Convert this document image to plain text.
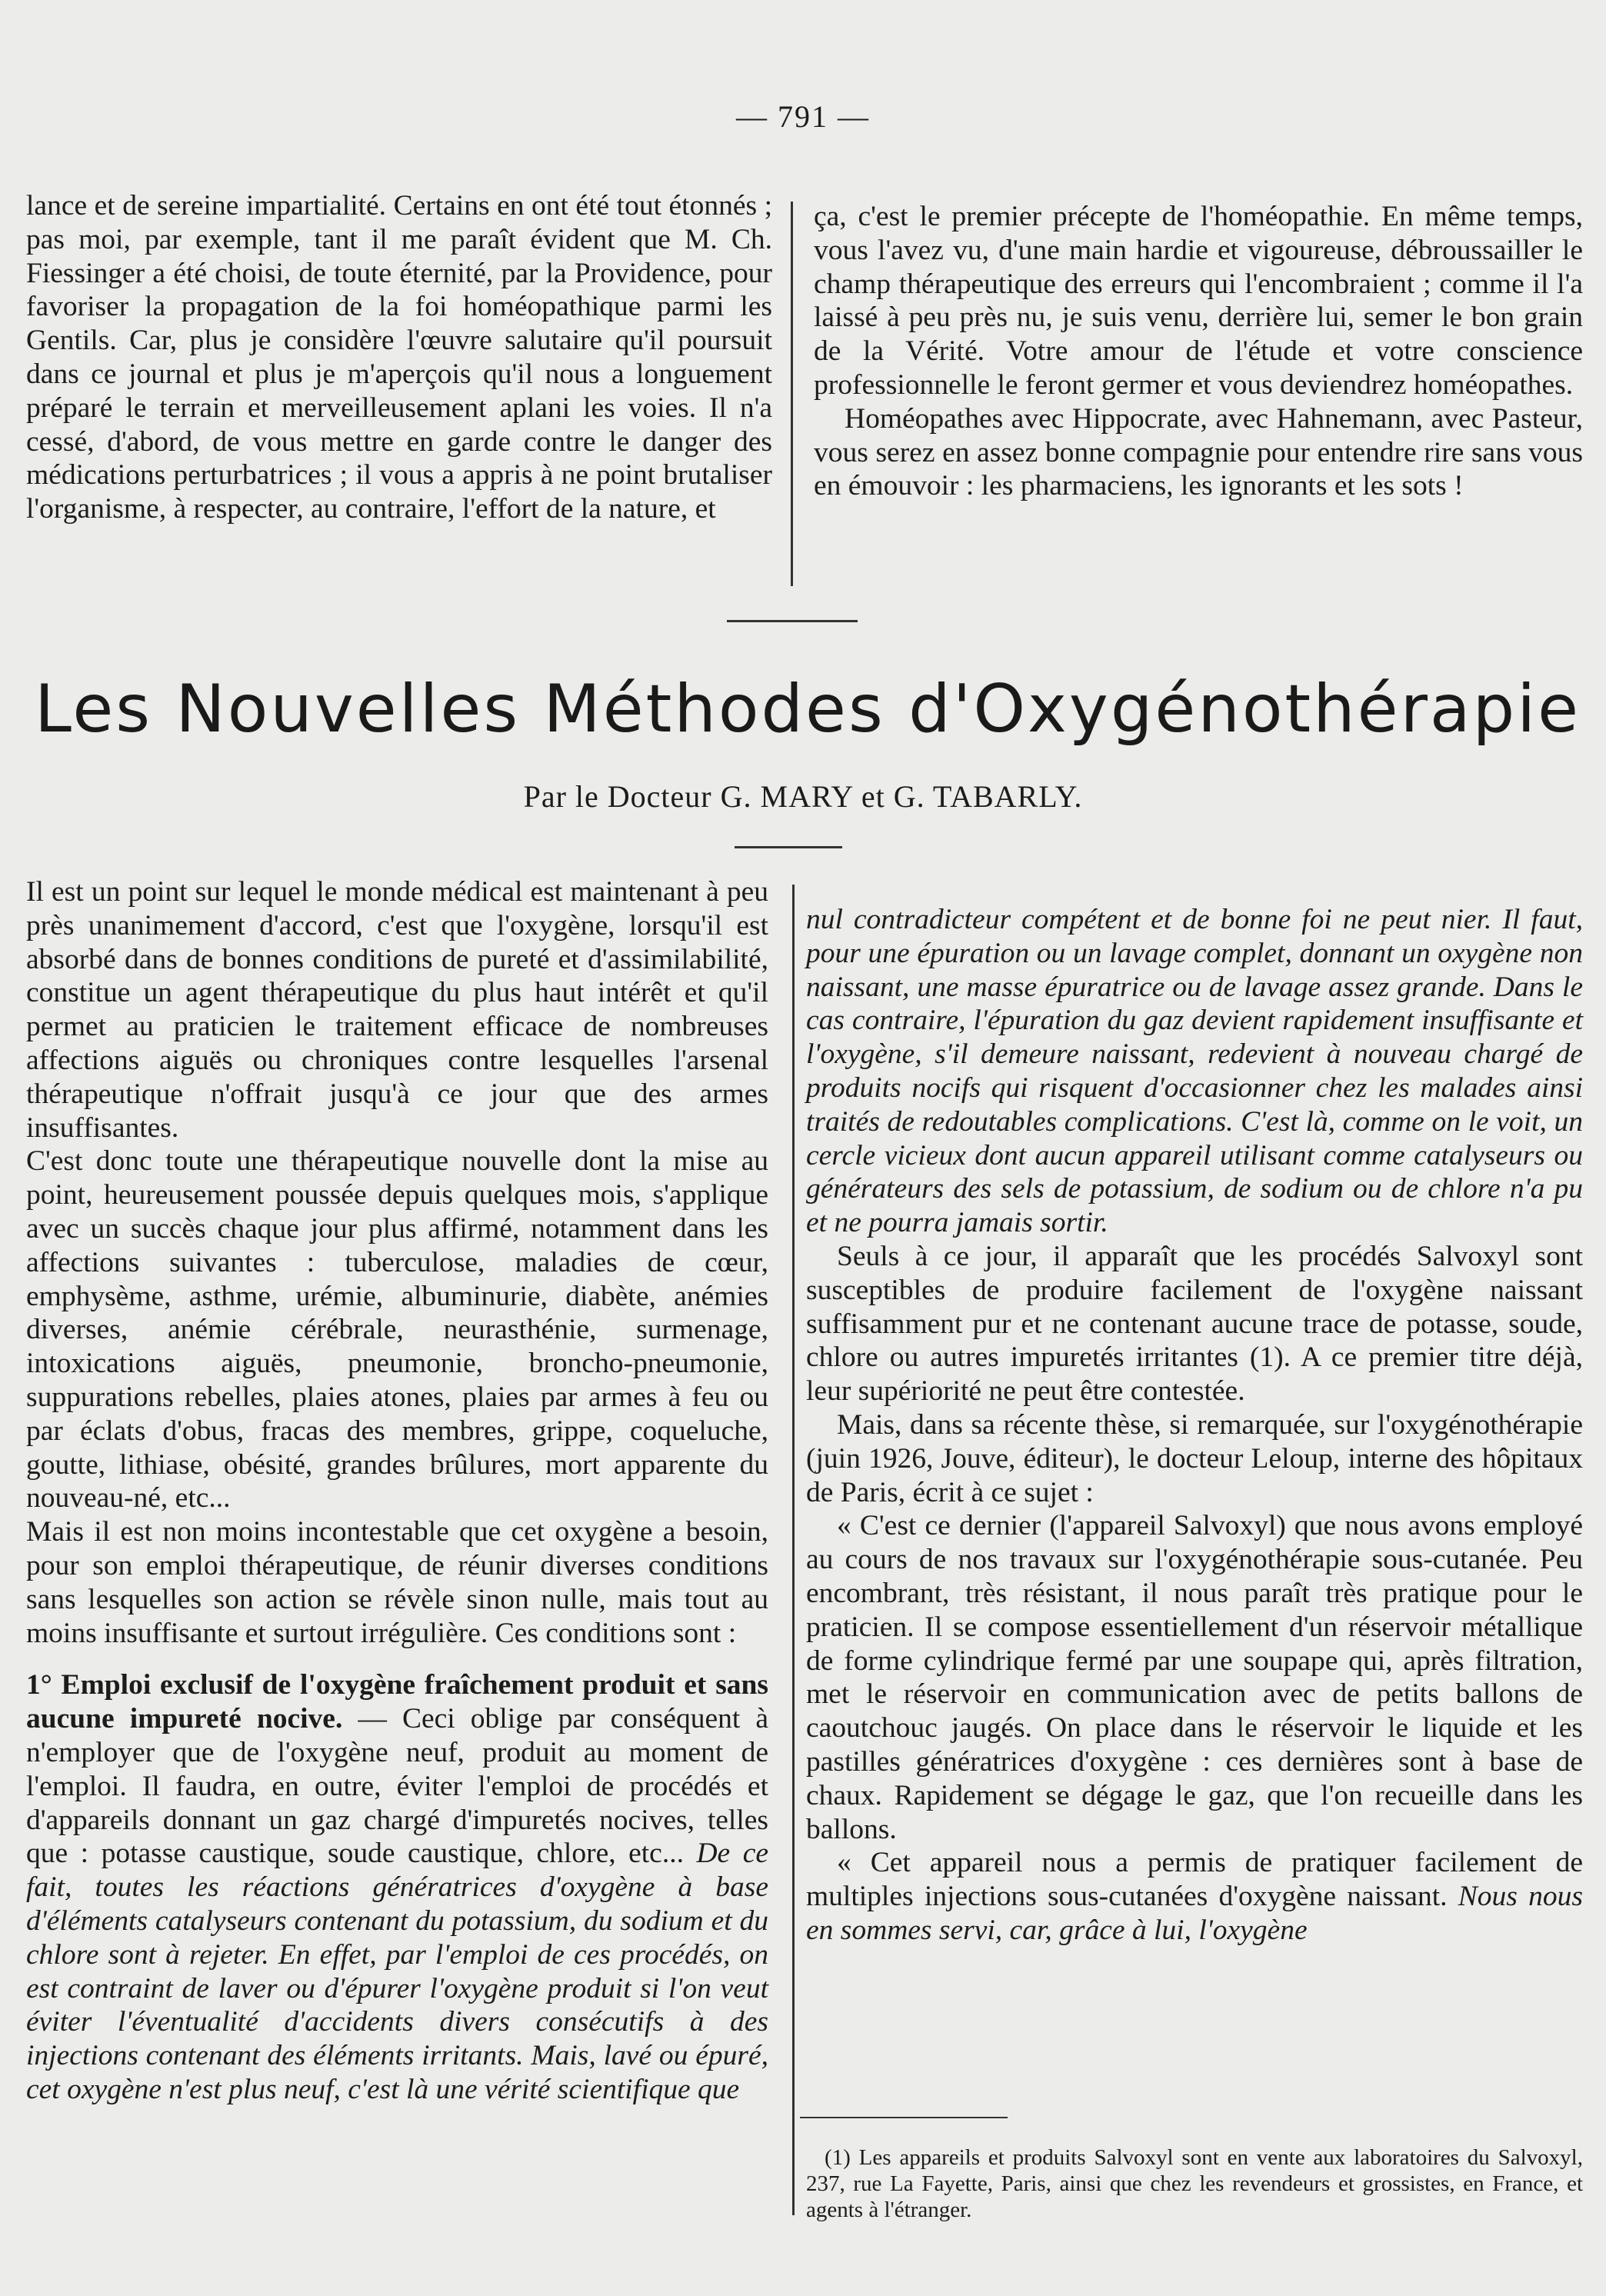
— 791 —

lance et de sereine impartialité. Certains en ont été tout étonnés ; pas moi, par exemple, tant il me paraît évident que M. Ch. Fiessinger a été choisi, de toute éternité, par la Providence, pour favoriser la propagation de la foi homéopathique parmi les Gentils. Car, plus je considère l'œuvre salutaire qu'il poursuit dans ce journal et plus je m'aperçois qu'il nous a longuement préparé le terrain et merveilleusement aplani les voies. Il n'a cessé, d'abord, de vous mettre en garde contre le danger des médications perturbatrices ; il vous a appris à ne point brutaliser l'organisme, à respecter, au contraire, l'effort de la nature, et

ça, c'est le premier précepte de l'homéopathie. En même temps, vous l'avez vu, d'une main hardie et vigoureuse, débroussailler le champ thérapeutique des erreurs qui l'encombraient ; comme il l'a laissé à peu près nu, je suis venu, derrière lui, semer le bon grain de la Vérité. Votre amour de l'étude et votre conscience professionnelle le feront germer et vous deviendrez homéopathes.

Homéopathes avec Hippocrate, avec Hahnemann, avec Pasteur, vous serez en assez bonne compagnie pour entendre rire sans vous en émouvoir : les pharmaciens, les ignorants et les sots !

Les Nouvelles Méthodes d'Oxygénothérapie
Par le Docteur G. MARY et G. TABARLY.

Il est un point sur lequel le monde médical est maintenant à peu près unanimement d'accord, c'est que l'oxygène, lorsqu'il est absorbé dans de bonnes conditions de pureté et d'assimilabilité, constitue un agent thérapeutique du plus haut intérêt et qu'il permet au praticien le traitement efficace de nombreuses affections aiguës ou chroniques contre lesquelles l'arsenal thérapeutique n'offrait jusqu'à ce jour que des armes insuffisantes.

C'est donc toute une thérapeutique nouvelle dont la mise au point, heureusement poussée depuis quelques mois, s'applique avec un succès chaque jour plus affirmé, notamment dans les affections suivantes : tuberculose, maladies de cœur, emphysème, asthme, urémie, albuminurie, diabète, anémies diverses, anémie cérébrale, neurasthénie, surmenage, intoxications aiguës, pneumonie, broncho-pneumonie, suppurations rebelles, plaies atones, plaies par armes à feu ou par éclats d'obus, fracas des membres, grippe, coqueluche, goutte, lithiase, obésité, grandes brûlures, mort apparente du nouveau-né, etc...

Mais il est non moins incontestable que cet oxygène a besoin, pour son emploi thérapeutique, de réunir diverses conditions sans lesquelles son action se révèle sinon nulle, mais tout au moins insuffisante et surtout irrégulière. Ces conditions sont :

1° Emploi exclusif de l'oxygène fraîchement produit et sans aucune impureté nocive. — Ceci oblige par conséquent à n'employer que de l'oxygène neuf, produit au moment de l'emploi. Il faudra, en outre, éviter l'emploi de procédés et d'appareils donnant un gaz chargé d'impuretés nocives, telles que : potasse caustique, soude caustique, chlore, etc... De ce fait, toutes les réactions génératrices d'oxygène à base d'éléments catalyseurs contenant du potassium, du sodium et du chlore sont à rejeter. En effet, par l'emploi de ces procédés, on est contraint de laver ou d'épurer l'oxygène produit si l'on veut éviter l'éventualité d'accidents divers consécutifs à des injections contenant des éléments irritants. Mais, lavé ou épuré, cet oxygène n'est plus neuf, c'est là une vérité scientifique que

nul contradicteur compétent et de bonne foi ne peut nier. Il faut, pour une épuration ou un lavage complet, donnant un oxygène non naissant, une masse épuratrice ou de lavage assez grande. Dans le cas contraire, l'épuration du gaz devient rapidement insuffisante et l'oxygène, s'il demeure naissant, redevient à nouveau chargé de produits nocifs qui risquent d'occasionner chez les malades ainsi traités de redoutables complications. C'est là, comme on le voit, un cercle vicieux dont aucun appareil utilisant comme catalyseurs ou générateurs des sels de potassium, de sodium ou de chlore n'a pu et ne pourra jamais sortir.

Seuls à ce jour, il apparaît que les procédés Salvoxyl sont susceptibles de produire facilement de l'oxygène naissant suffisamment pur et ne contenant aucune trace de potasse, soude, chlore ou autres impuretés irritantes (1). A ce premier titre déjà, leur supériorité ne peut être contestée.

Mais, dans sa récente thèse, si remarquée, sur l'oxygénothérapie (juin 1926, Jouve, éditeur), le docteur Leloup, interne des hôpitaux de Paris, écrit à ce sujet :

« C'est ce dernier (l'appareil Salvoxyl) que nous avons employé au cours de nos travaux sur l'oxygénothérapie sous-cutanée. Peu encombrant, très résistant, il nous paraît très pratique pour le praticien. Il se compose essentiellement d'un réservoir métallique de forme cylindrique fermé par une soupape qui, après filtration, met le réservoir en communication avec de petits ballons de caoutchouc jaugés. On place dans le réservoir le liquide et les pastilles génératrices d'oxygène : ces dernières sont à base de chaux. Rapidement se dégage le gaz, que l'on recueille dans les ballons.

« Cet appareil nous a permis de pratiquer facilement de multiples injections sous-cutanées d'oxygène naissant. Nous nous en sommes servi, car, grâce à lui, l'oxygène

(1) Les appareils et produits Salvoxyl sont en vente aux laboratoires du Salvoxyl, 237, rue La Fayette, Paris, ainsi que chez les revendeurs et grossistes, en France, et agents à l'étranger.
